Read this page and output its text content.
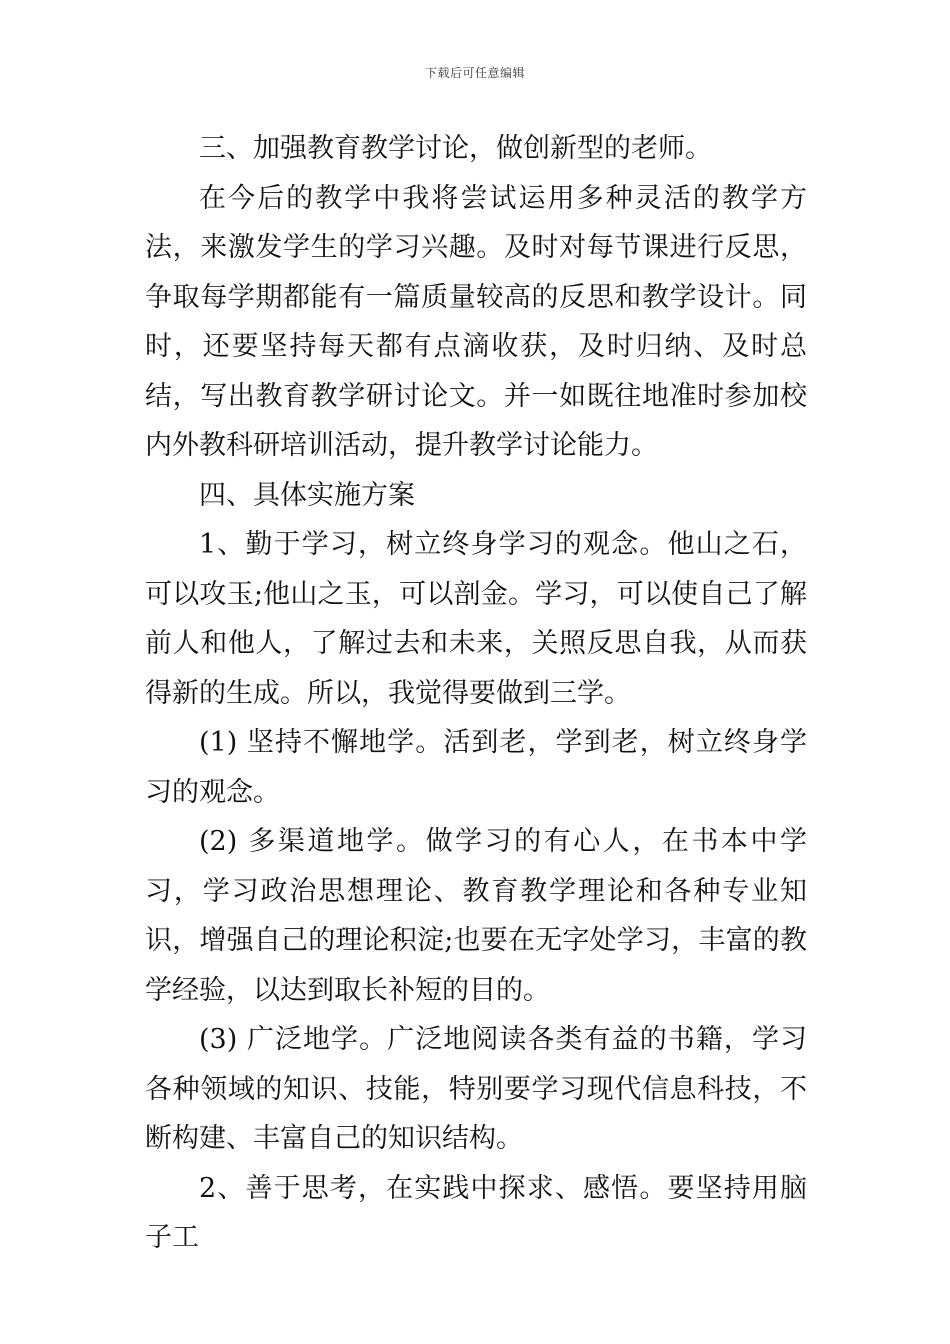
下载后可任意编辑

三、加强教育教学讨论，做创新型的老师。

在今后的教学中我将尝试运用多种灵活的教学方法，来激发学生的学习兴趣。及时对每节课进行反思，争取每学期都能有一篇质量较高的反思和教学设计。同时，还要坚持每天都有点滴收获，及时归纳、及时总结，写出教育教学研讨论文。并一如既往地准时参加校内外教科研培训活动，提升教学讨论能力。

四、具体实施方案

1、勤于学习，树立终身学习的观念。他山之石，可以攻玉;他山之玉，可以剖金。学习，可以使自己了解前人和他人，了解过去和未来，关照反思自我，从而获得新的生成。所以，我觉得要做到三学。

(1) 坚持不懈地学。活到老，学到老，树立终身学习的观念。

(2) 多渠道地学。做学习的有心人，在书本中学习，学习政治思想理论、教育教学理论和各种专业知识，增强自己的理论积淀;也要在无字处学习，丰富的教学经验，以达到取长补短的目的。

(3) 广泛地学。广泛地阅读各类有益的书籍，学习各种领域的知识、技能，特别要学习现代信息科技，不断构建、丰富自己的知识结构。

2、善于思考，在实践中探求、感悟。要坚持用脑子工
